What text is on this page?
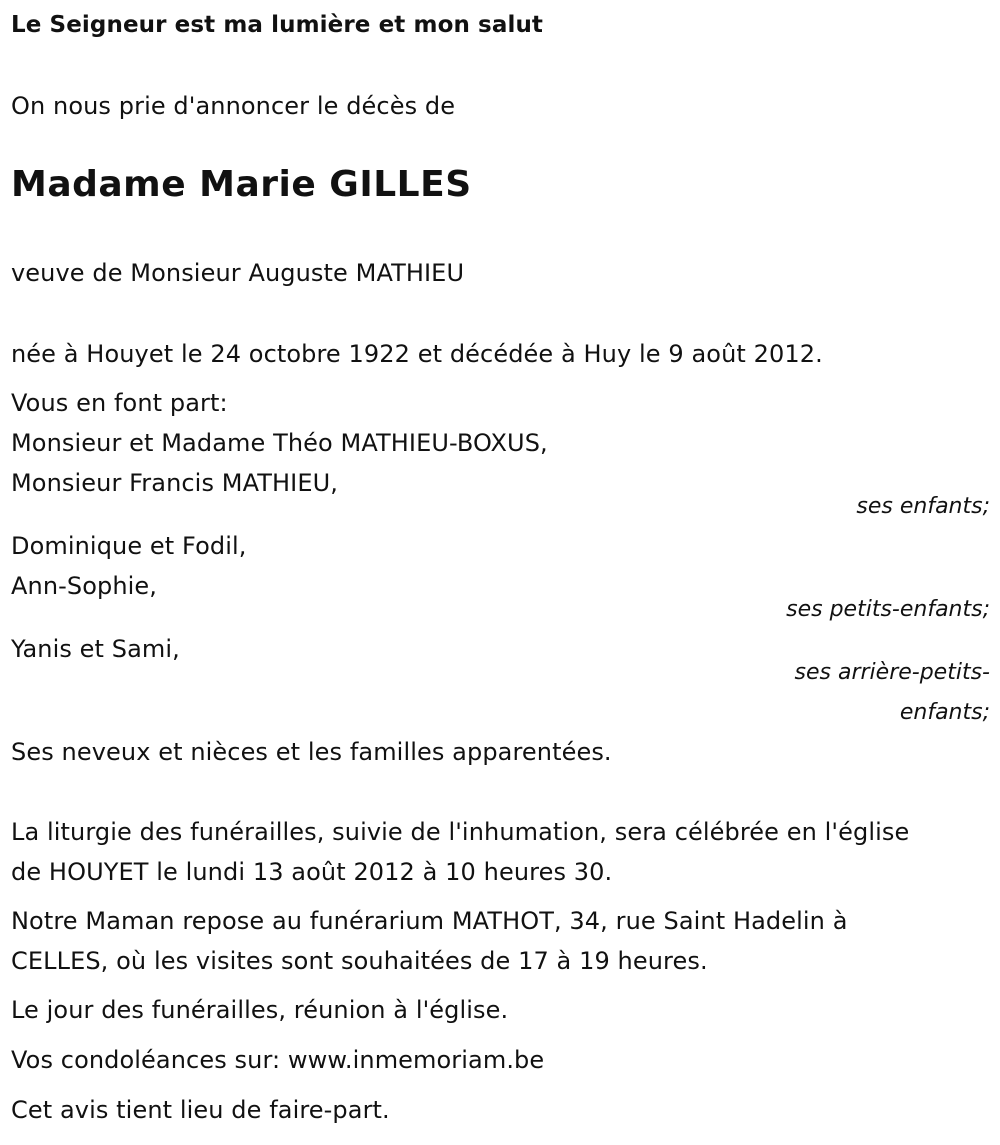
Le Seigneur est ma lumière et mon salut
On nous prie d'annoncer le décès de
Madame Marie GILLES
veuve de Monsieur Auguste MATHIEU
née à Houyet le 24 octobre 1922 et décédée à Huy le 9 août 2012.
Vous en font part:
Monsieur et Madame Théo MATHIEU-BOXUS,
Monsieur Francis MATHIEU,
ses enfants;
Dominique et Fodil,
Ann-Sophie,
ses petits-enfants;
Yanis et Sami,
ses arrière-petits-
enfants;
Ses neveux et nièces et les familles apparentées.
La liturgie des funérailles, suivie de l'inhumation, sera célébrée en l'église
de HOUYET le lundi 13 août 2012 à 10 heures 30.
Notre Maman repose au funérarium MATHOT, 34, rue Saint Hadelin à
CELLES, où les visites sont souhaitées de 17 à 19 heures.
Le jour des funérailles, réunion à l'église.
Vos condoléances sur: www.inmemoriam.be
Cet avis tient lieu de faire-part.
